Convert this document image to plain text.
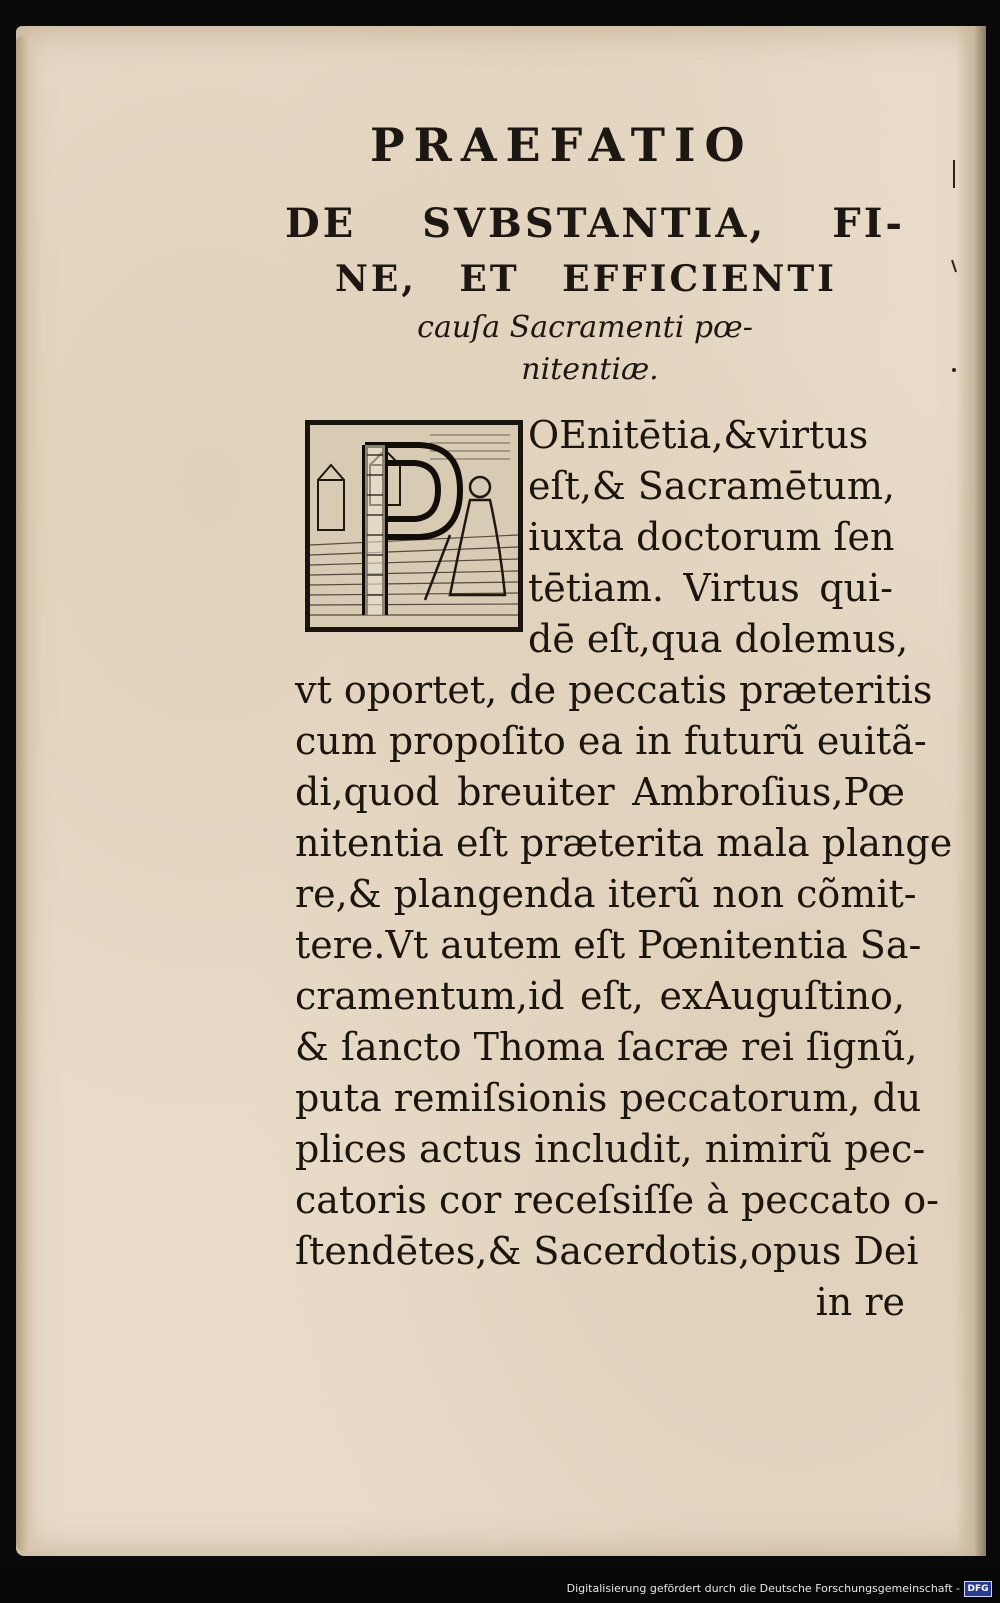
PRAEFATIO
DE SVBSTANTIA, FI-
NE, ET EFFICIENTI
cauſa Sacramenti pœ-
nitentiæ.
OEnitētia,&virtus
eſt,& Sacramētum,
iuxta doctorum ſen
tētiam. Virtus qui-
dē eſt,qua dolemus,
vt oportet, de peccatis præteritis
cum propoſito ea in futurũ euitã-
di,quod breuiter Ambroſius,Pœ
nitentia eſt præterita mala plange
re,& plangenda iterũ non cõmit-
tere.Vt autem eſt Pœnitentia Sa-
cramentum,id eſt, exAuguſtino,
& ſancto Thoma ſacræ rei ſignũ,
puta remiſsionis peccatorum, du
plices actus includit, nimirũ pec-
catoris cor receſsiſſe à peccato o-
ſtendētes,& Sacerdotis,opus Dei
in re
Digitalisierung gefördert durch die Deutsche Forschungsgemeinschaft - DFG
